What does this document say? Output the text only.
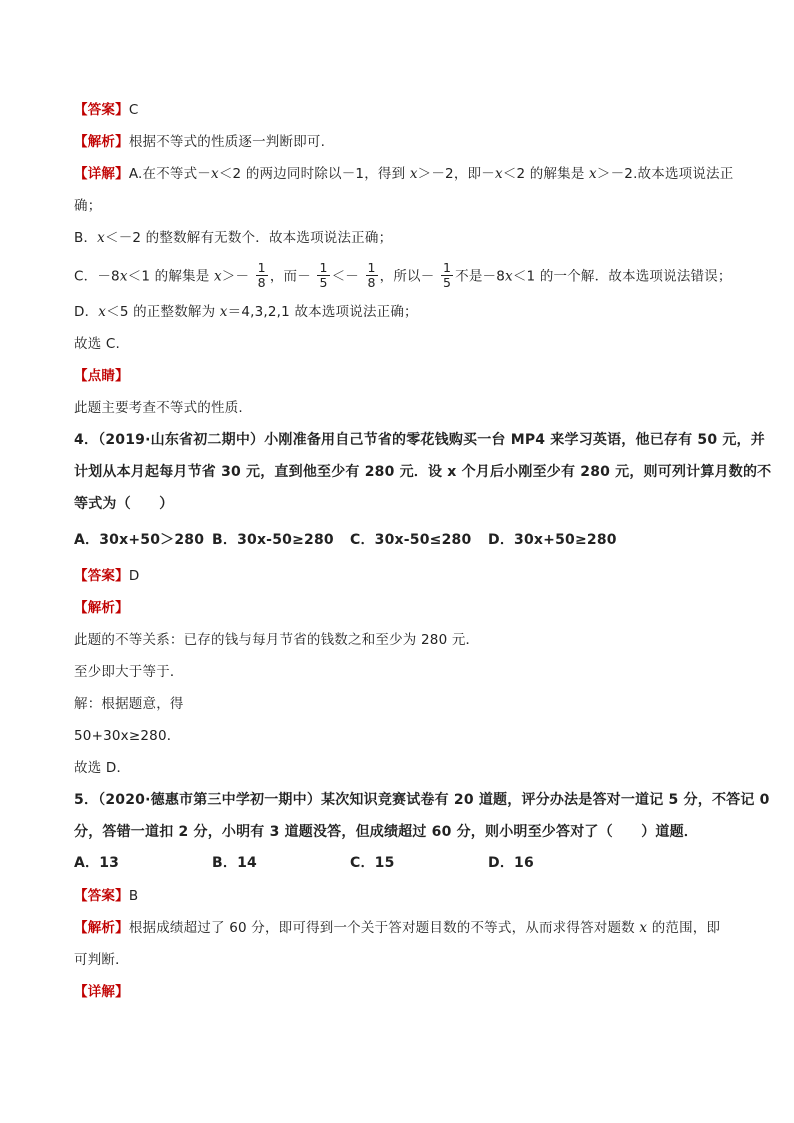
【答案】C
【解析】根据不等式的性质逐一判断即可.
【详解】A.在不等式－x＜2 的两边同时除以－1，得到 x＞－2，即－x＜2 的解集是 x＞－2.故本选项说法正
确；
B．x＜－2 的整数解有无数个．故本选项说法正确；
C．－8x＜1 的解集是 $x>- \frac{1}{8}$ ，而－ $\frac{1}{5} <- \frac{1}{8}$ ，所以－ $\frac{1}{5}$ 不是－8x＜1 的一个解．故本选项说法错误；
D．x＜5 的正整数解为 x＝4,3,2,1 故本选项说法正确；
故选 C.
【点睛】
此题主要考查不等式的性质.
4．（2019·山东省初二期中）小刚准备用自己节省的零花钱购买一台 MP4 来学习英语，他已存有 50 元，并
计划从本月起每月节省 30 元，直到他至少有 280 元．设 x 个月后小刚至少有 280 元，则可列计算月数的不
等式为（　　）
A．30x+50＞280 B．30x-50≥280 C．30x-50≤280 D．30x+50≥280
【答案】D
【解析】
此题的不等关系：已存的钱与每月节省的钱数之和至少为 280 元．
至少即大于等于．
解：根据题意，得
50+30x≥280．
故选 D．
5．（2020·德惠市第三中学初一期中）某次知识竞赛试卷有 20 道题，评分办法是答对一道记 5 分，不答记 0
分，答错一道扣 2 分，小明有 3 道题没答，但成绩超过 60 分，则小明至少答对了（　　）道题．
A．13	B．14	C．15	D．16
【答案】B
【解析】根据成绩超过了 60 分，即可得到一个关于答对题目数的不等式，从而求得答对题数 x 的范围，即
可判断．
【详解】
